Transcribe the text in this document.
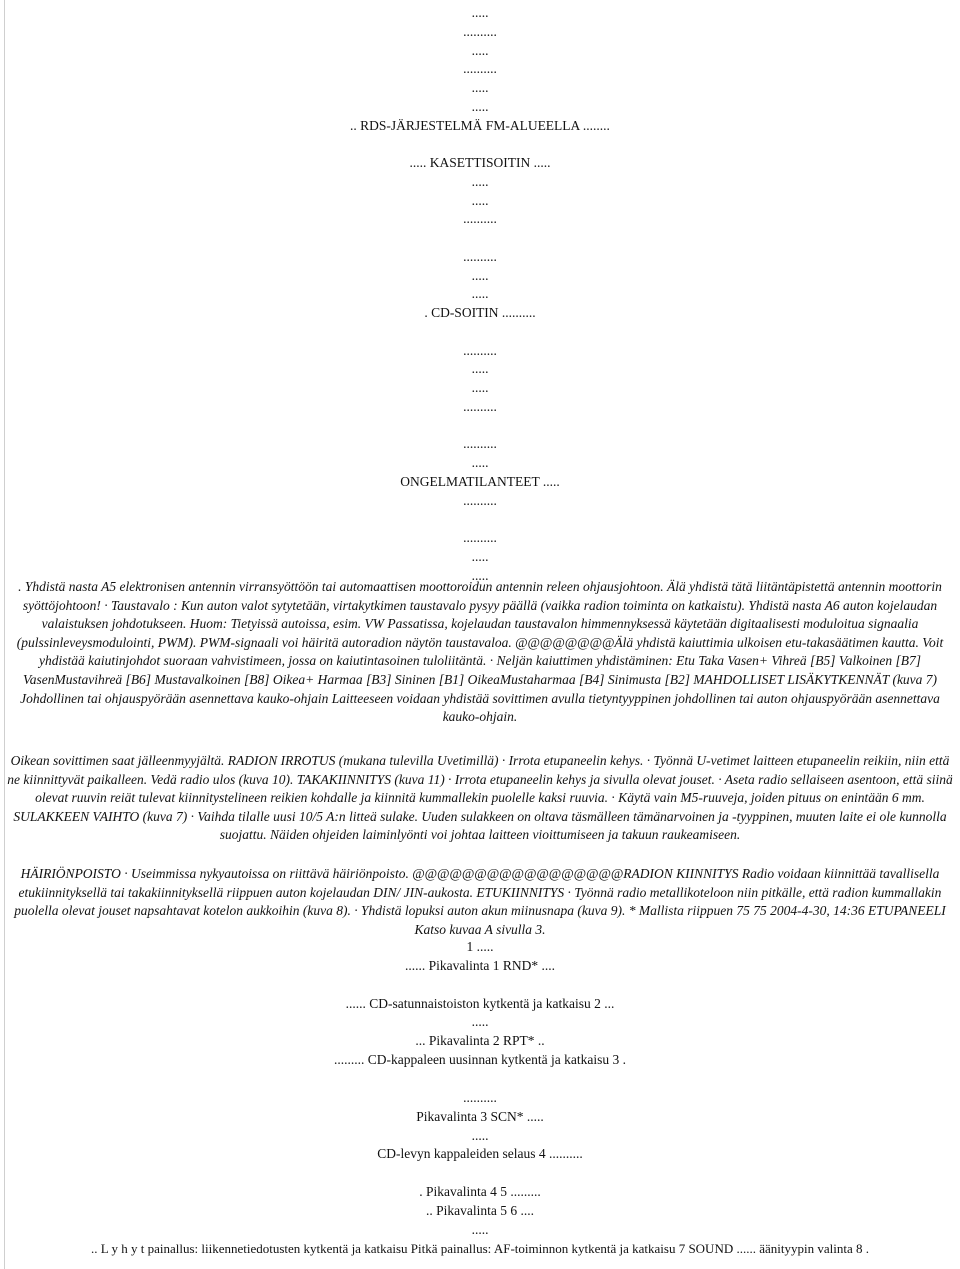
.....
..........
.....
..........
.....
.....
.. RDS-JÄRJESTELMÄ FM-ALUEELLA ........
..... KASETTISOITIN .....
.....
.....
..........
..........
.....
.....
. CD-SOITIN ..........
..........
.....
.....
..........
..........
.....
ONGELMATILANTEET .....
..........
..........
.....
.....
. Yhdistä nasta A5 elektronisen antennin virransyöttöön tai automaattisen moottoroidun antennin releen ohjausjohtoon. Älä yhdistä tätä liitäntäpistettä antennin moottorin syöttöjohtoon! · Taustavalo : Kun auton valot sytytetään, virtakytkimen taustavalo pysyy päällä (vaikka radion toiminta on katkaistu). Yhdistä nasta A6 auton kojelaudan valaistuksen johdotukseen. Huom: Tietyissä autoissa, esim. VW Passatissa, kojelaudan taustavalon himmennyksessä käytetään digitaalisesti moduloitua signaalia (pulssinleveysmodulointi, PWM). PWM-signaali voi häiritä autoradion näytön taustavaloa. @@@@@@@@Älä yhdistä kaiuttimia ulkoisen etu-takasäätimen kautta. Voit yhdistää kaiutinjohdot suoraan vahvistimeen, jossa on kaiutintasoinen tuloliitäntä. · Neljän kaiuttimen yhdistäminen: Etu Taka Vasen+ Vihreä [B5] Valkoinen [B7] VasenMustavihreä [B6] Mustavalkoinen [B8] Oikea+ Harmaa [B3] Sininen [B1] OikeaMustaharmaa [B4] Sinimusta [B2] MAHDOLLISET LISÄKYTKENNÄT (kuva 7) Johdollinen tai ohjauspyörään asennettava kauko-ohjain Laitteeseen voidaan yhdistää sovittimen avulla tietyntyyppinen johdollinen tai auton ohjauspyörään asennettava kauko-ohjain.
Oikean sovittimen saat jälleenmyyjältä. RADION IRROTUS (mukana tulevilla Uvetimillä) · Irrota etupaneelin kehys. · Työnnä U-vetimet laitteen etupaneelin reikiin, niin että ne kiinnittyvät paikalleen. Vedä radio ulos (kuva 10). TAKAKIINNITYS (kuva 11) · Irrota etupaneelin kehys ja sivulla olevat jouset. · Aseta radio sellaiseen asentoon, että siinä olevat ruuvin reiät tulevat kiinnitystelineen reikien kohdalle ja kiinnitä kummallekin puolelle kaksi ruuvia. · Käytä vain M5-ruuveja, joiden pituus on enintään 6 mm. SULAKKEEN VAIHTO (kuva 7) · Vaihda tilalle uusi 10/5 A:n litteä sulake. Uuden sulakkeen on oltava täsmälleen tämänarvoinen ja -tyyppinen, muuten laite ei ole kunnolla suojattu. Näiden ohjeiden laiminlyönti voi johtaa laitteen vioittumiseen ja takuun raukeamiseen.
HÄIRIÖNPOISTO · Useimmissa nykyautoissa on riittävä häiriönpoisto. @@@@@@@@@@@@@@@@@RADION KIINNITYS Radio voidaan kiinnittää tavallisella etukiinnityksellä tai takakiinnityksellä riippuen auton kojelaudan DIN/ JIN-aukosta. ETUKIINNITYS · Työnnä radio metallikoteloon niin pitkälle, että radion kummallakin puolella olevat jouset napsahtavat kotelon aukkoihin (kuva 8). · Yhdistä lopuksi auton akun miinusnapa (kuva 9). * Mallista riippuen 75 75 2004-4-30, 14:36 ETUPANEELI Katso kuvaa A sivulla 3.
1 .....
...... Pikavalinta 1 RND* ....
...... CD-satunnaistoiston kytkentä ja katkaisu 2 ...
.....
... Pikavalinta 2 RPT* ..
......... CD-kappaleen uusinnan kytkentä ja katkaisu 3 .
..........
Pikavalinta 3 SCN* .....
.....
CD-levyn kappaleiden selaus 4 ..........
. Pikavalinta 4 5 .........
.. Pikavalinta 5 6 ....
.....
.. L y h y t painallus: liikennetiedotusten kytkentä ja katkaisu Pitkä painallus: AF-toiminnon kytkentä ja katkaisu 7 SOUND ...... äänityypin valinta 8 .
